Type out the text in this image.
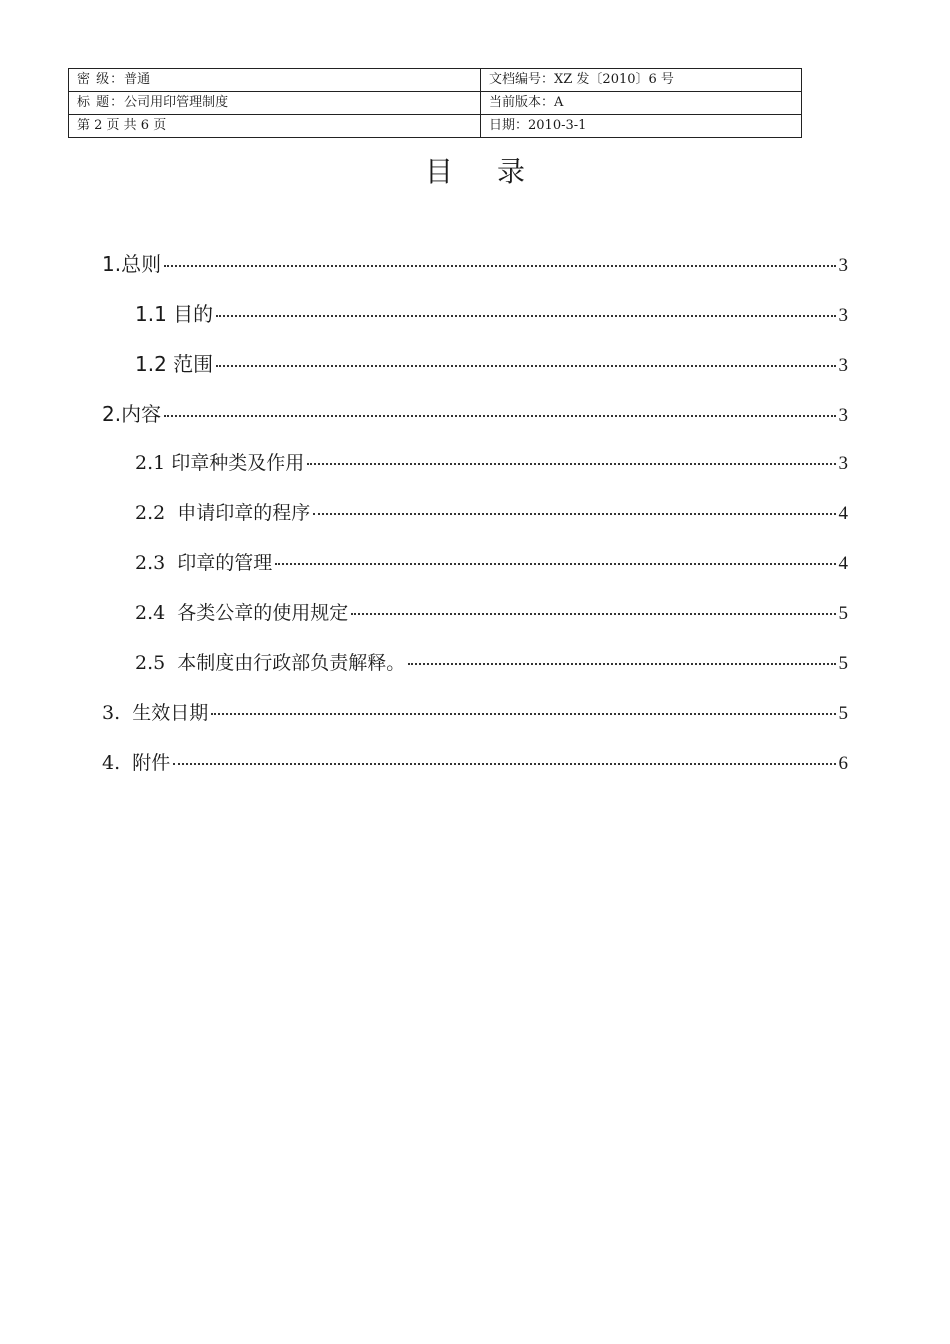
密 级：普通	文档编号：XZ 发〔2010〕6 号
标 题：公司用印管理制度	当前版本：A
第 2 页 共 6 页	日期：2010-3-1
目录
1.总则	3
1.1 目的	3
1.2 范围	3
2.内容	3
2.1 印章种类及作用	3
2.2  申请印章的程序	4
2.3  印章的管理	4
2.4  各类公章的使用规定	5
2.5  本制度由行政部负责解释。	5
3.  生效日期	5
4.  附件	6
